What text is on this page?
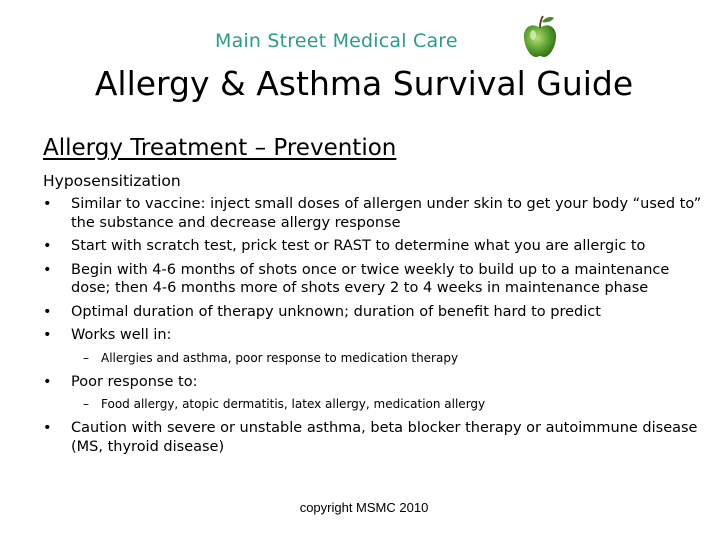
Main Street Medical Care
Allergy & Asthma Survival Guide
Allergy Treatment – Prevention
Hyposensitization
• Similar to vaccine: inject small doses of allergen under skin to get your body “used to” the substance and decrease allergy response
• Start with scratch test, prick test or RAST to determine what you are allergic to
• Begin with 4-6 months of shots once or twice weekly to build up to a maintenance dose; then 4-6 months more of shots every 2 to 4 weeks in maintenance phase
• Optimal duration of therapy unknown; duration of benefit hard to predict
• Works well in:
– Allergies and asthma, poor response to medication therapy
• Poor response to:
– Food allergy, atopic dermatitis, latex allergy, medication allergy
• Caution with severe or unstable asthma, beta blocker therapy or autoimmune disease (MS, thyroid disease)
copyright MSMC 2010
